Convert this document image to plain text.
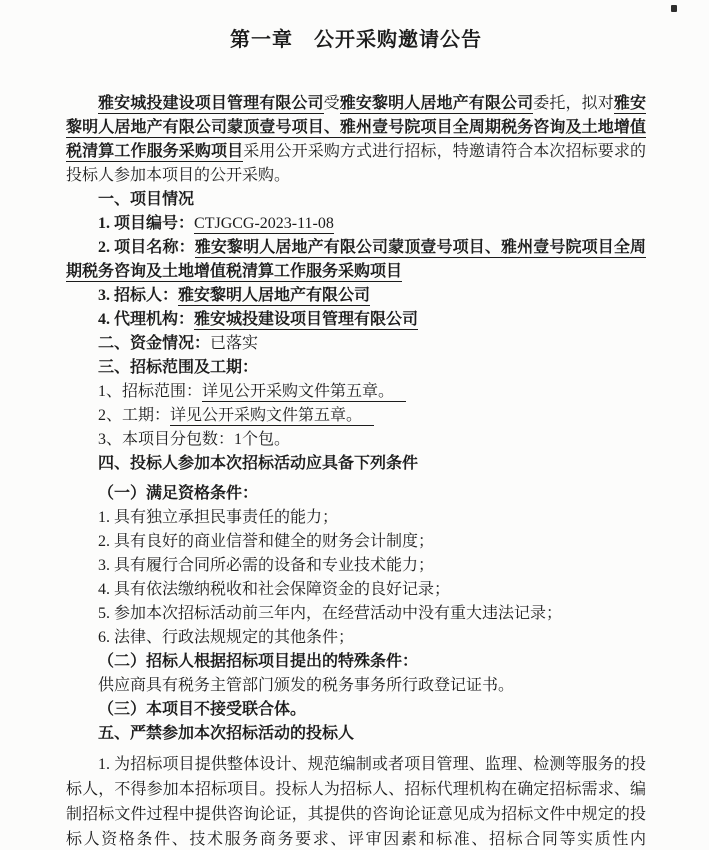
第一章　公开采购邀请公告

雅安城投建设项目管理有限公司受雅安黎明人居地产有限公司委托，拟对雅安黎明人居地产有限公司蒙顶壹号项目、雅州壹号院项目全周期税务咨询及土地增值税清算工作服务采购项目采用公开采购方式进行招标，特邀请符合本次招标要求的投标人参加本项目的公开采购。

一、项目情况
1. 项目编号：CTJGCG-2023-11-08

2. 项目名称：雅安黎明人居地产有限公司蒙顶壹号项目、雅州壹号院项目全周期税务咨询及土地增值税清算工作服务采购项目

3. 招标人：雅安黎明人居地产有限公司
4. 代理机构：雅安城投建设项目管理有限公司
二、资金情况：已落实
三、招标范围及工期：
1、招标范围：详见公开采购文件第五章。
2、工期：详见公开采购文件第五章。
3、本项目分包数：1个包。
四、投标人参加本次招标活动应具备下列条件
（一）满足资格条件：
1. 具有独立承担民事责任的能力；
2. 具有良好的商业信誉和健全的财务会计制度；
3. 具有履行合同所必需的设备和专业技术能力；
4. 具有依法缴纳税收和社会保障资金的良好记录；
5. 参加本次招标活动前三年内，在经营活动中没有重大违法记录；
6. 法律、行政法规规定的其他条件；
（二）招标人根据招标项目提出的特殊条件：
供应商具有税务主管部门颁发的税务事务所行政登记证书。
（三）本项目不接受联合体。
五、严禁参加本次招标活动的投标人

1. 为招标项目提供整体设计、规范编制或者项目管理、监理、检测等服务的投标人，不得参加本招标项目。投标人为招标人、招标代理机构在确定招标需求、编制招标文件过程中提供咨询论证，其提供的咨询论证意见成为招标文件中规定的投标人资格条件、技术服务商务要求、评审因素和标准、招标合同等实质性内
